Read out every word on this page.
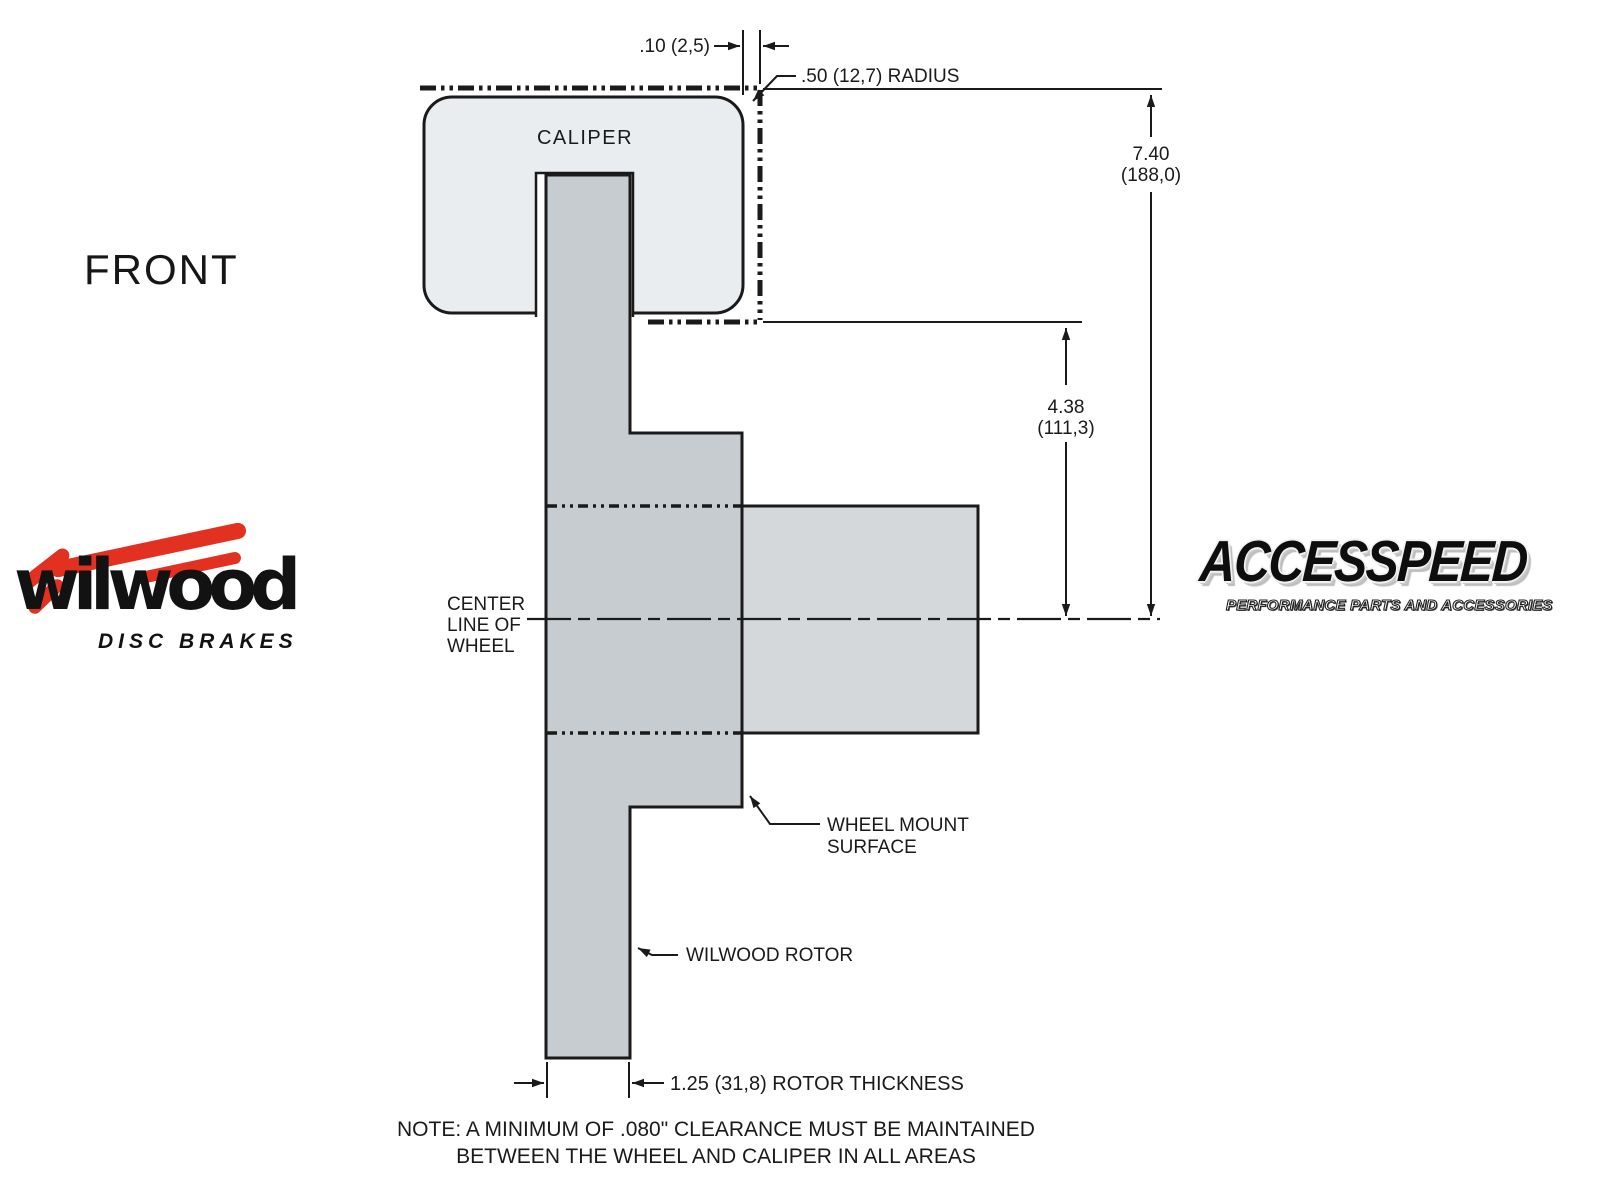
FRONT
CALIPER
.10 (2,5)
.50 (12,7) RADIUS
7.40
(188,0)
4.38
(111,3)
CENTER
LINE OF
WHEEL
WHEEL MOUNT
SURFACE
WILWOOD ROTOR
1.25 (31,8) ROTOR THICKNESS
NOTE: A MINIMUM OF .080" CLEARANCE MUST BE MAINTAINED
BETWEEN THE WHEEL AND CALIPER IN ALL AREAS
wilwood
DISC BRAKES
ACCESSPEED
PERFORMANCE PARTS AND ACCESSORIES
